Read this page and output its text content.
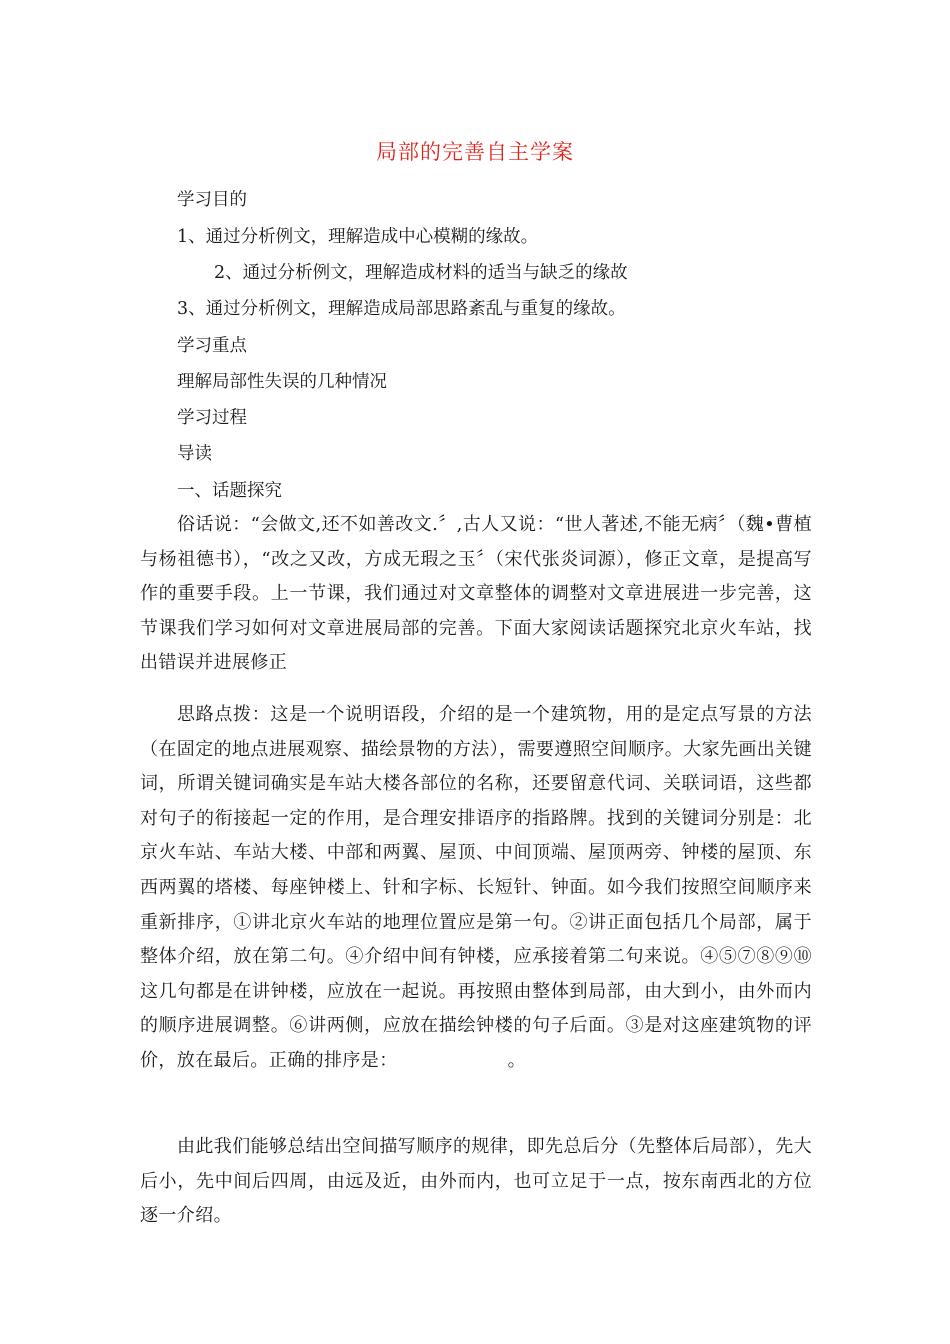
局部的完善自主学案
学习目的
1、通过分析例文，理解造成中心模糊的缘故。
2、通过分析例文，理解造成材料的适当与缺乏的缘故
3、通过分析例文，理解造成局部思路紊乱与重复的缘故。
学习重点
理解局部性失误的几种情况
学习过程
导读
一、话题探究
俗话说：“会做文,还不如善改文.〞,古人又说：“世人著述,不能无病〞（魏•曹植与杨祖德书），“改之又改，方成无瑕之玉〞（宋代张炎词源），修正文章，是提高写作的重要手段。上一节课，我们通过对文章整体的调整对文章进展进一步完善，这节课我们学习如何对文章进展局部的完善。下面大家阅读话题探究北京火车站，找出错误并进展修正
思路点拨：这是一个说明语段，介绍的是一个建筑物，用的是定点写景的方法（在固定的地点进展观察、描绘景物的方法），需要遵照空间顺序。大家先画出关键词，所谓关键词确实是车站大楼各部位的名称，还要留意代词、关联词语，这些都对句子的衔接起一定的作用，是合理安排语序的指路牌。找到的关键词分别是：北京火车站、车站大楼、中部和两翼、屋顶、中间顶端、屋顶两旁、钟楼的屋顶、东西两翼的塔楼、每座钟楼上、针和字标、长短针、钟面。如今我们按照空间顺序来重新排序，①讲北京火车站的地理位置应是第一句。②讲正面包括几个局部，属于整体介绍，放在第二句。④介绍中间有钟楼，应承接着第二句来说。④⑤⑦⑧⑨⑩这几句都是在讲钟楼，应放在一起说。再按照由整体到局部，由大到小，由外而内的顺序进展调整。⑥讲两侧，应放在描绘钟楼的句子后面。③是对这座建筑物的评价，放在最后。正确的排序是：	。
由此我们能够总结出空间描写顺序的规律，即先总后分（先整体后局部），先大后小，先中间后四周，由远及近，由外而内，也可立足于一点，按东南西北的方位逐一介绍。
